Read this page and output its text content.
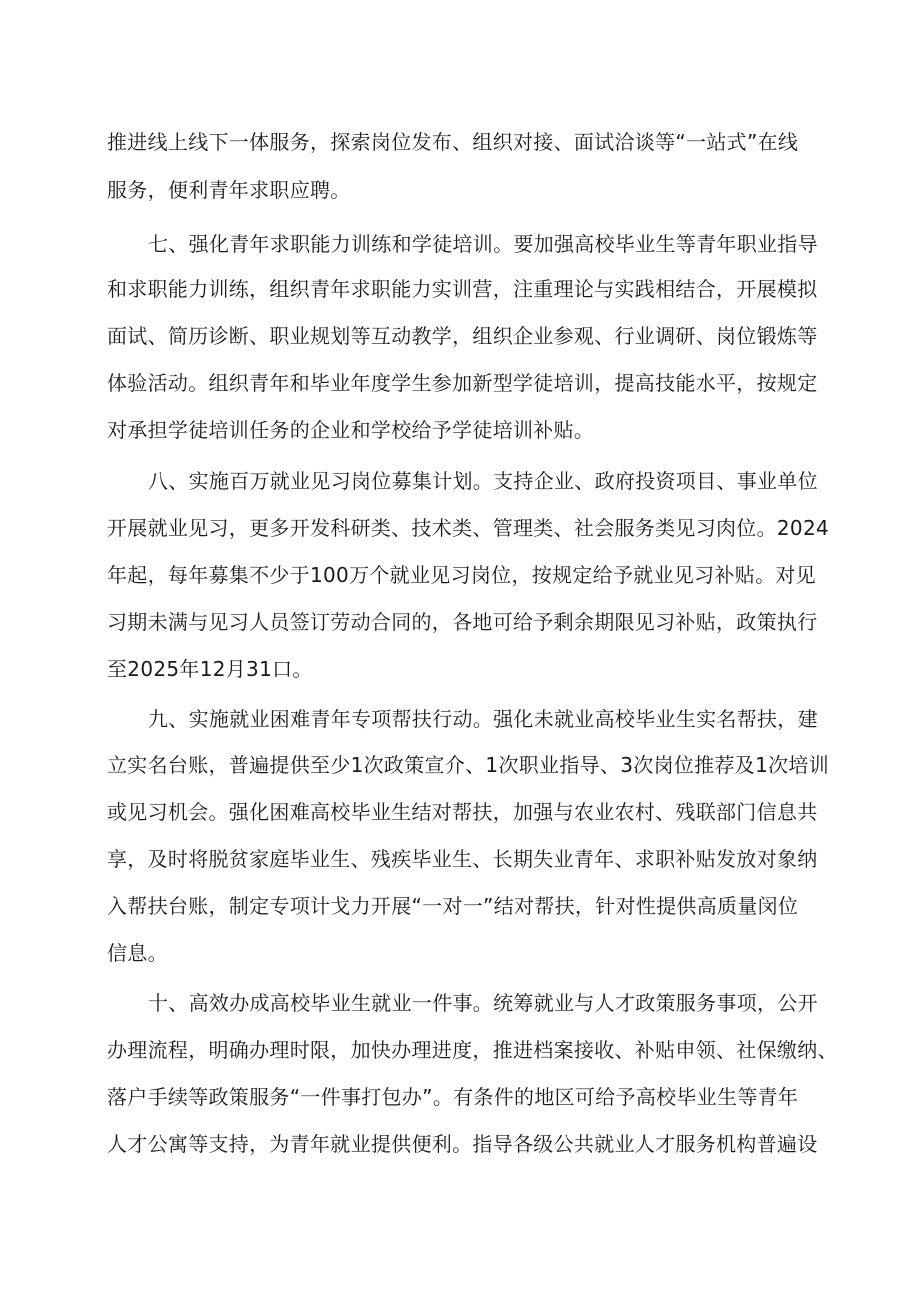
推进线上线下一体服务，探索岗位发布、组织对接、面试洽谈等“一站式”在线
服务，便利青年求职应聘。
七、强化青年求职能力训练和学徒培训。要加强高校毕业生等青年职业指导
和求职能力训练，组织青年求职能力实训营，注重理论与实践相结合，开展模拟
面试、简历诊断、职业规划等互动教学，组织企业参观、行业调研、岗位锻炼等
体验活动。组织青年和毕业年度学生参加新型学徒培训，提高技能水平，按规定
对承担学徒培训任务的企业和学校给予学徒培训补贴。
八、实施百万就业见习岗位募集计划。支持企业、政府投资项目、事业单位
开展就业见习，更多开发科研类、技术类、管理类、社会服务类见习肉位。2024
年起，每年募集不少于100万个就业见习岗位，按规定给予就业见习补贴。对见
习期未满与见习人员签订劳动合同的，各地可给予剩余期限见习补贴，政策执行
至2025年12月31口。
九、实施就业困难青年专项帮扶行动。强化未就业高校毕业生实名帮扶，建
立实名台账，普遍提供至少1次政策宣介、1次职业指导、3次岗位推荐及1次培训
或见习机会。强化困难高校毕业生结对帮扶，加强与农业农村、残联部门信息共
享，及时将脱贫家庭毕业生、残疾毕业生、长期失业青年、求职补贴发放对象纳
入帮扶台账，制定专项计戈力开展“一对一”结对帮扶，针对性提供高质量闵位
信息。
十、高效办成高校毕业生就业一件事。统筹就业与人才政策服务事项，公开
办理流程，明确办理时限，加快办理进度，推进档案接收、补贴申领、社保缴纳、
落户手续等政策服务“一件事打包办”。有条件的地区可给予高校毕业生等青年
人才公寓等支持，为青年就业提供便利。指导各级公共就业人才服务机构普遍设
